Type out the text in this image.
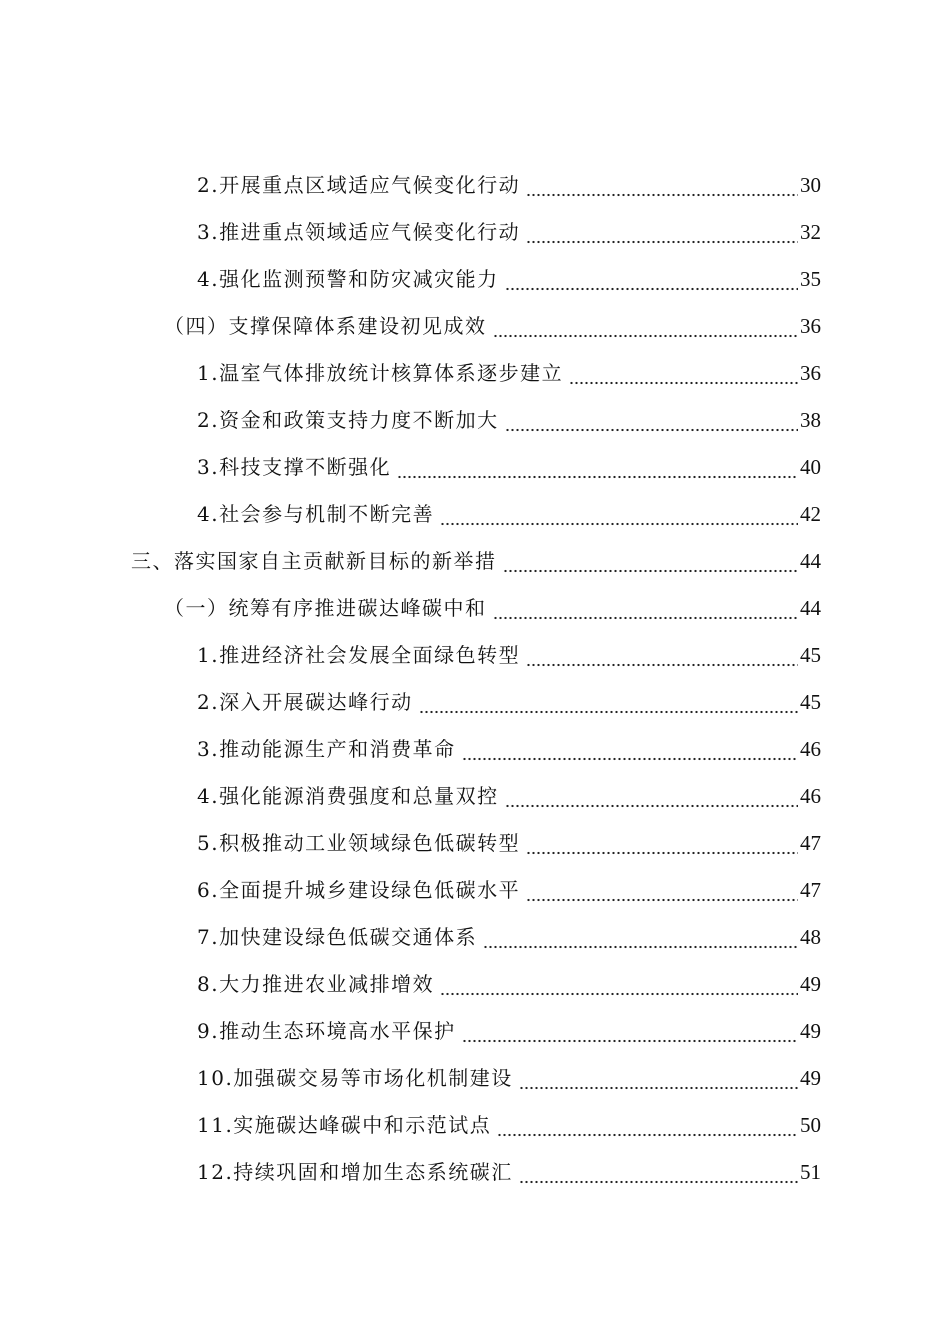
2.开展重点区域适应气候变化行动	30
3.推进重点领域适应气候变化行动	32
4.强化监测预警和防灾减灾能力	35
（四）支撑保障体系建设初见成效	36
1.温室气体排放统计核算体系逐步建立	36
2.资金和政策支持力度不断加大	38
3.科技支撑不断强化	40
4.社会参与机制不断完善	42
三、落实国家自主贡献新目标的新举措	44
（一）统筹有序推进碳达峰碳中和	44
1.推进经济社会发展全面绿色转型	45
2.深入开展碳达峰行动	45
3.推动能源生产和消费革命	46
4.强化能源消费强度和总量双控	46
5.积极推动工业领域绿色低碳转型	47
6.全面提升城乡建设绿色低碳水平	47
7.加快建设绿色低碳交通体系	48
8.大力推进农业减排增效	49
9.推动生态环境高水平保护	49
10.加强碳交易等市场化机制建设	49
11.实施碳达峰碳中和示范试点	50
12.持续巩固和增加生态系统碳汇	51
